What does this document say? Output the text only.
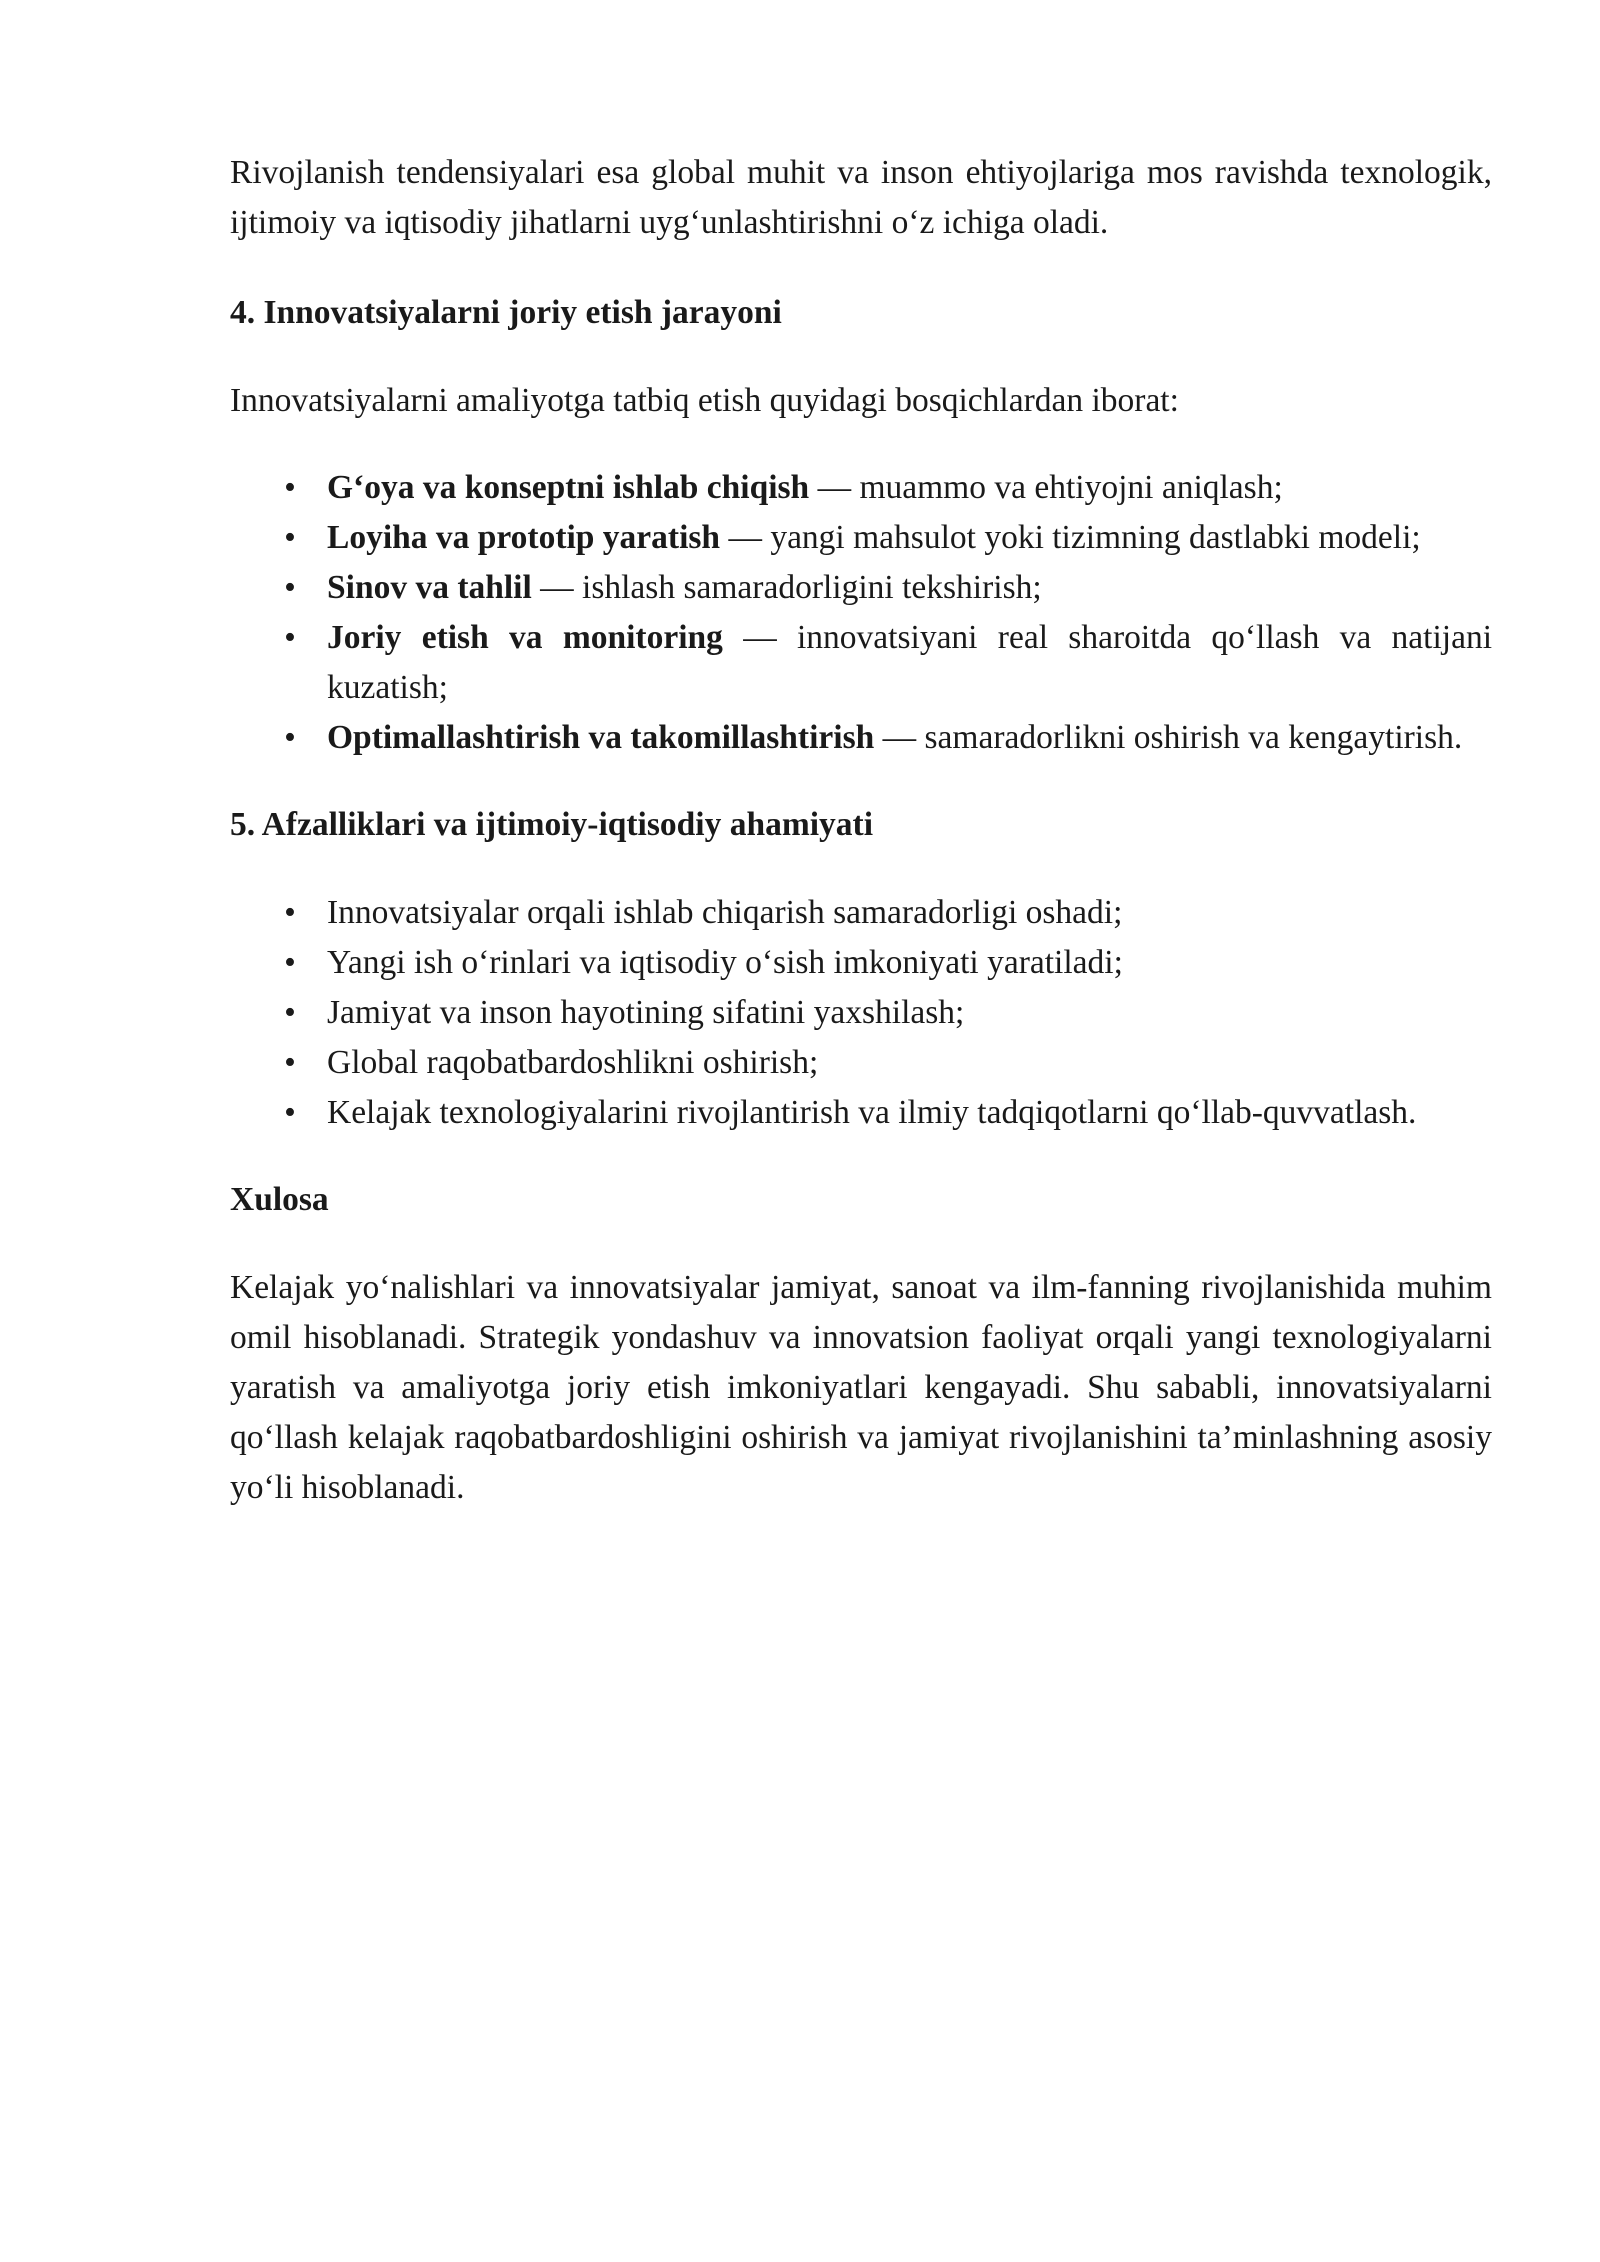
Rivojlanish tendensiyalari esa global muhit va inson ehtiyojlariga mos ravishda texnologik, ijtimoiy va iqtisodiy jihatlarni uyg‘unlashtirishni o‘z ichiga oladi.

4. Innovatsiyalarni joriy etish jarayoni

Innovatsiyalarni amaliyotga tatbiq etish quyidagi bosqichlardan iborat:

• G‘oya va konseptni ishlab chiqish — muammo va ehtiyojni aniqlash;
• Loyiha va prototip yaratish — yangi mahsulot yoki tizimning dastlabki modeli;
• Sinov va tahlil — ishlash samaradorligini tekshirish;
• Joriy etish va monitoring — innovatsiyani real sharoitda qo‘llash va natijani kuzatish;
• Optimallashtirish va takomillashtirish — samaradorlikni oshirish va kengaytirish.
5. Afzalliklari va ijtimoiy-iqtisodiy ahamiyati
• Innovatsiyalar orqali ishlab chiqarish samaradorligi oshadi;
• Yangi ish o‘rinlari va iqtisodiy o‘sish imkoniyati yaratiladi;
• Jamiyat va inson hayotining sifatini yaxshilash;
• Global raqobatbardoshlikni oshirish;
• Kelajak texnologiyalarini rivojlantirish va ilmiy tadqiqotlarni qo‘llab-quvvatlash.
Xulosa

Kelajak yo‘nalishlari va innovatsiyalar jamiyat, sanoat va ilm-fanning rivojlanishida muhim omil hisoblanadi. Strategik yondashuv va innovatsion faoliyat orqali yangi texnologiyalarni yaratish va amaliyotga joriy etish imkoniyatlari kengayadi. Shu sababli, innovatsiyalarni qo‘llash kelajak raqobatbardoshligini oshirish va jamiyat rivojlanishini ta’minlashning asosiy yo‘li hisoblanadi.
